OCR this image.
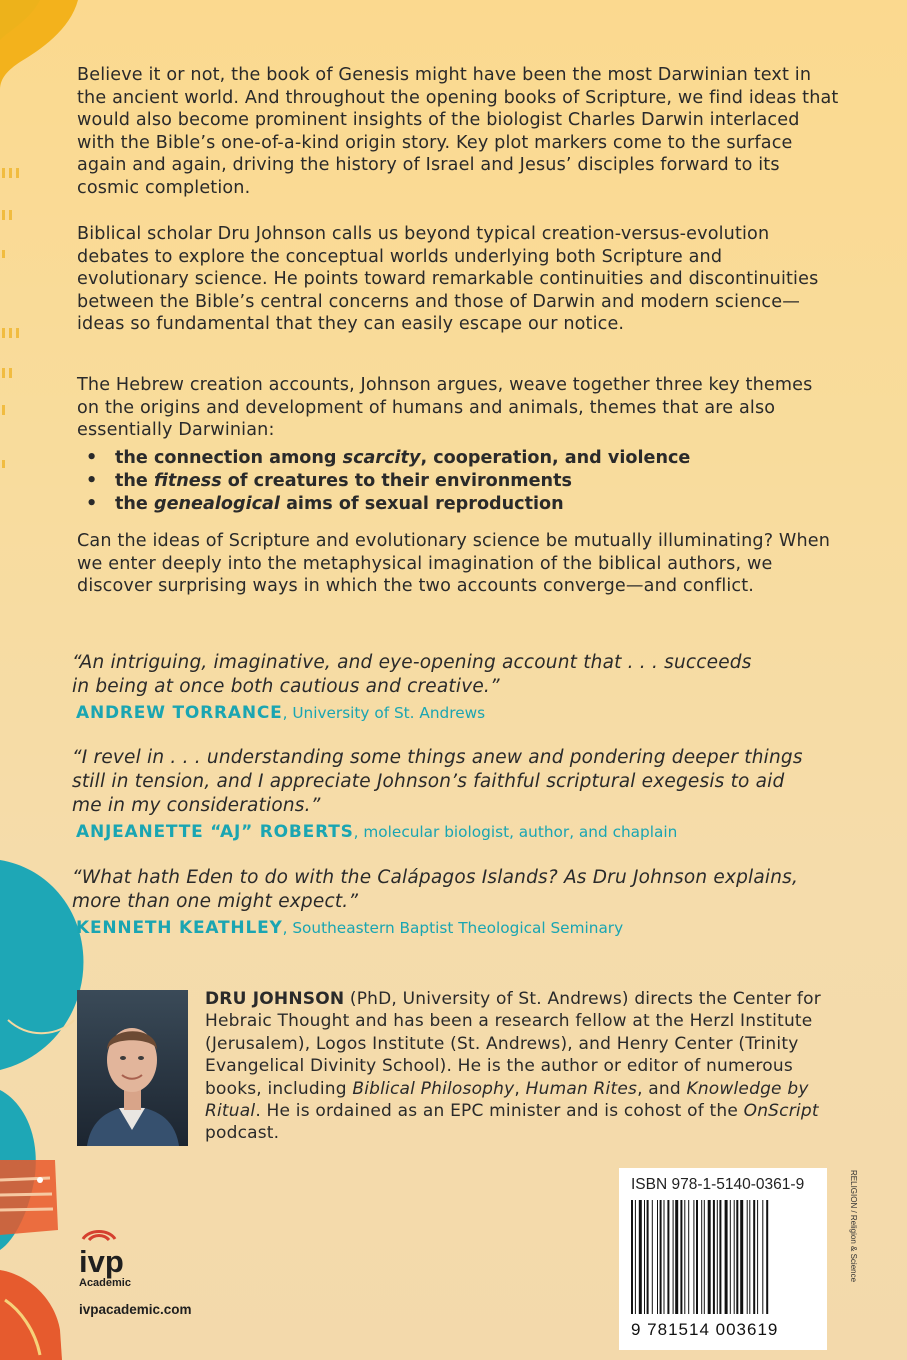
Believe it or not, the book of Genesis might have been the most Darwinian text in the ancient world. And throughout the opening books of Scripture, we find ideas that would also become prominent insights of the biologist Charles Darwin interlaced with the Bible’s one-of-a-kind origin story. Key plot markers come to the surface again and again, driving the history of Israel and Jesus’ disciples forward to its cosmic completion.

Biblical scholar Dru Johnson calls us beyond typical creation-versus-evolution debates to explore the conceptual worlds underlying both Scripture and evolutionary science. He points toward remarkable continuities and discontinuities between the Bible’s central concerns and those of Darwin and modern science—ideas so fundamental that they can easily escape our notice.

The Hebrew creation accounts, Johnson argues, weave together three key themes on the origins and development of humans and animals, themes that are also essentially Darwinian:

• the connection among scarcity, cooperation, and violence
• the fitness of creatures to their environments
• the genealogical aims of sexual reproduction

Can the ideas of Scripture and evolutionary science be mutually illuminating? When we enter deeply into the metaphysical imagination of the biblical authors, we discover surprising ways in which the two accounts converge—and conflict.

“An intriguing, imaginative, and eye-opening account that . . . succeeds in being at once both cautious and creative.”

ANDREW TORRANCE, University of St. Andrews

“I revel in . . . understanding some things anew and pondering deeper things still in tension, and I appreciate Johnson’s faithful scriptural exegesis to aid me in my considerations.”

ANJEANETTE “AJ” ROBERTS, molecular biologist, author, and chaplain

“What hath Eden to do with the Calápagos Islands? As Dru Johnson explains, more than one might expect.”

KENNETH KEATHLEY, Southeastern Baptist Theological Seminary

DRU JOHNSON (PhD, University of St. Andrews) directs the Center for Hebraic Thought and has been a research fellow at the Herzl Institute (Jerusalem), Logos Institute (St. Andrews), and Henry Center (Trinity Evangelical Divinity School). He is the author or editor of numerous books, including Biblical Philosophy, Human Rites, and Knowledge by Ritual. He is ordained as an EPC minister and is cohost of the OnScript podcast.

ivp
Academic
ivpacademic.com
ISBN 978-1-5140-0361-9
9 781514 003619
RELIGION / Religion & Science
